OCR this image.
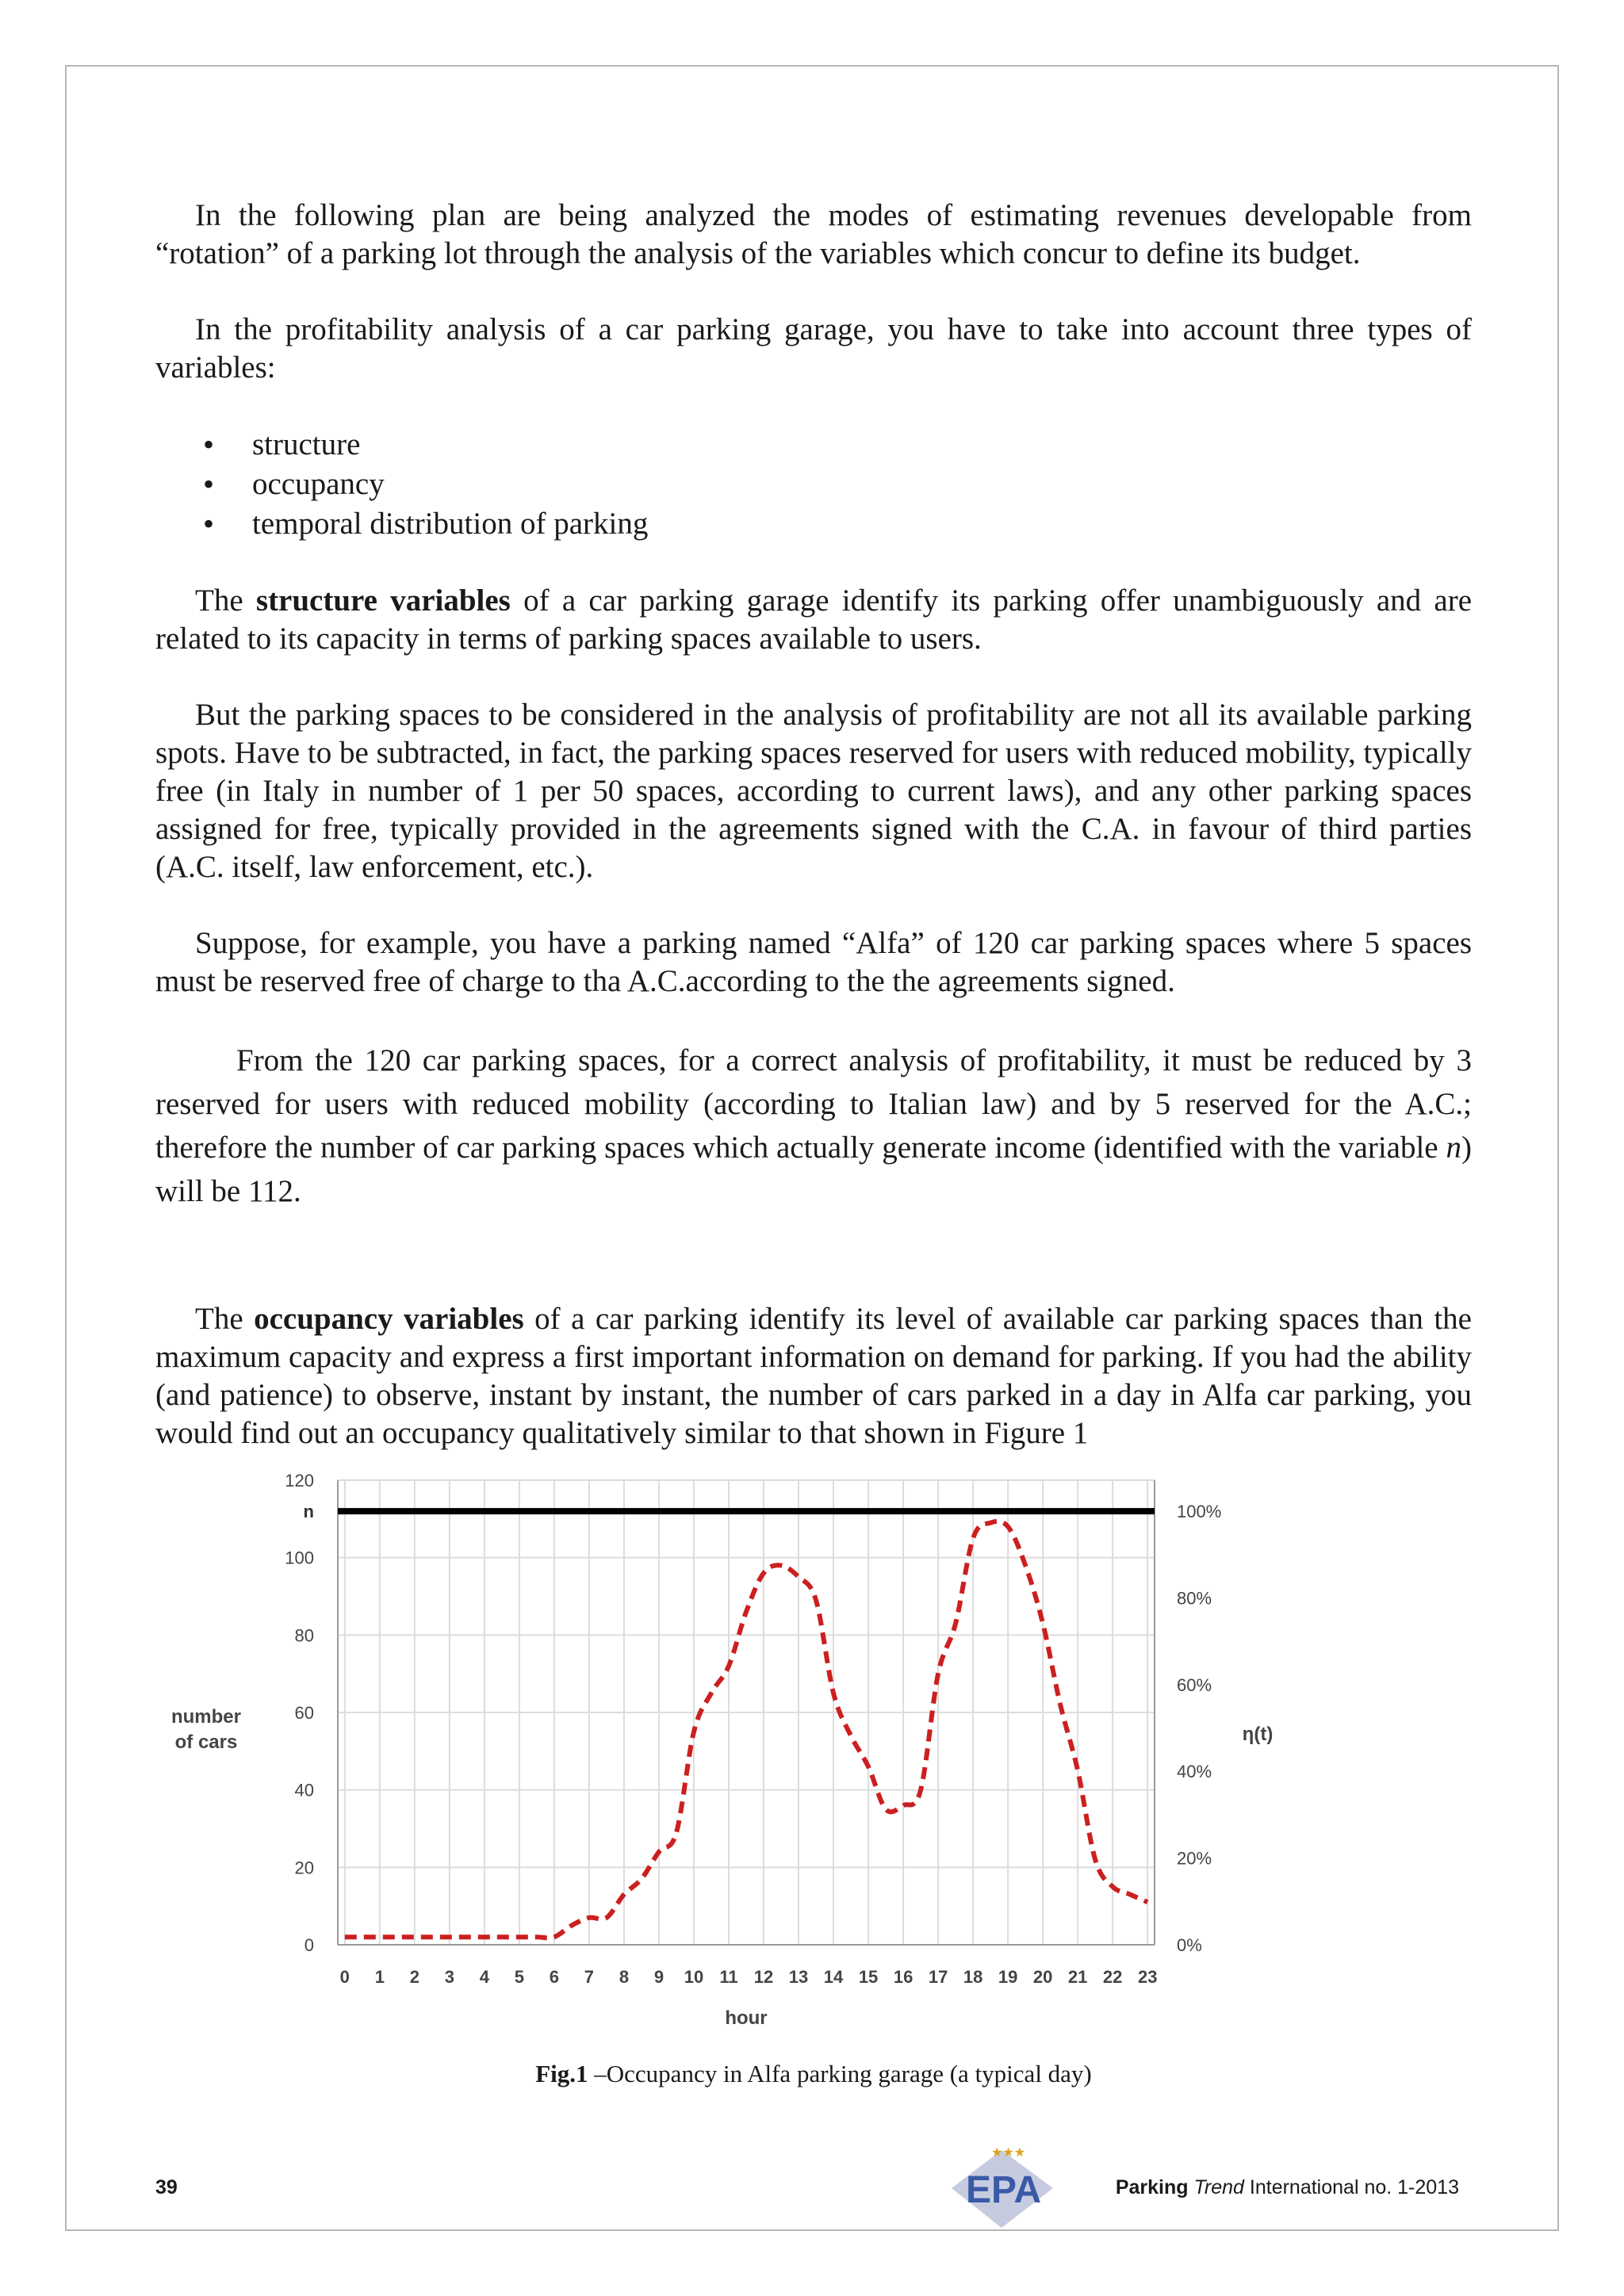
In the following plan are being analyzed the modes of estimating revenues developable from “rotation” of a parking lot through the analysis of the variables which concur to define its budget.

In the profitability analysis of a car parking garage, you have to take into account three types of variables:

• structure
• occupancy
• temporal distribution of parking

The structure variables of a car parking garage identify its parking offer unambiguously and are related to its capacity in terms of parking spaces available to users.

But the parking spaces to be considered in the analysis of profitability are not all its available parking spots. Have to be subtracted, in fact, the parking spaces reserved for users with reduced mobility, typically free (in Italy in number of 1 per 50 spaces, according to current laws), and any other parking spaces assigned for free, typically provided in the agreements signed with the C.A. in favour of third parties (A.C. itself, law enforcement, etc.).

Suppose, for example, you have a parking named “Alfa” of 120 car parking spaces where 5 spaces must be reserved free of charge to tha A.C.according to the the agreements signed.

From the 120 car parking spaces, for a correct analysis of profitability, it must be reduced by 3 reserved for users with reduced mobility (according to Italian law) and by 5 reserved for the A.C.; therefore the number of car parking spaces which actually generate income (identified with the variable n) will be 112.

The occupancy variables of a car parking identify its level of available car parking spaces than the maximum capacity and express a first important information on demand for parking. If you had the ability (and patience) to observe, instant by instant, the number of cars parked in a day in Alfa car parking, you would find out an occupancy qualitatively similar to that shown in Figure 1

0
20
40
60
80
100
120
0 1 2 3 4 5 6 7 8 9 10 11 12 13 14 15 16 17 18 19 20 21 22 23
0%
20%
40%
60%
80%
100%
n
number
of cars	η(t)
hour
Fig.1 –Occupancy in Alfa parking garage (a typical day)
39
★★★
EPA	Parking Trend International no. 1-2013
